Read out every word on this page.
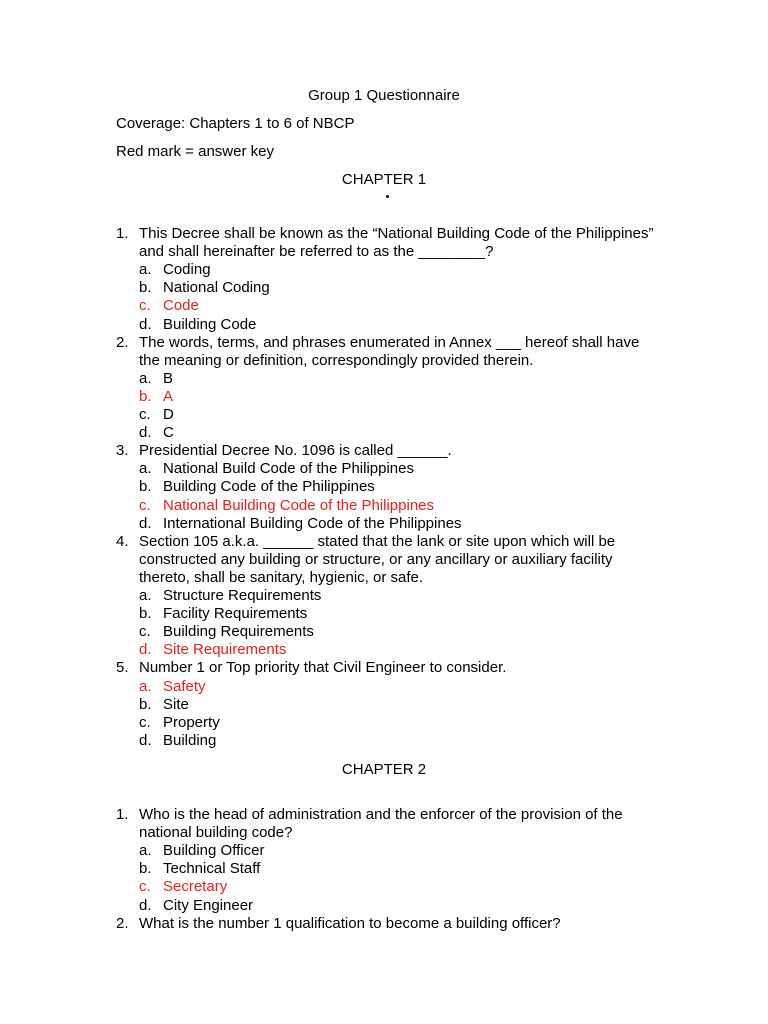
Group 1 Questionnaire
Coverage: Chapters 1 to 6 of NBCP
Red mark = answer key
CHAPTER 1
1. This Decree shall be known as the “National Building Code of the Philippines”
and shall hereinafter be referred to as the ________?
a. Coding
b. National Coding
c. Code
d. Building Code
2. The words, terms, and phrases enumerated in Annex ___ hereof shall have
the meaning or definition, correspondingly provided therein.
a. B
b. A
c. D
d. C
3. Presidential Decree No. 1096 is called ______.
a. National Build Code of the Philippines
b. Building Code of the Philippines
c. National Building Code of the Philippines
d. International Building Code of the Philippines
4. Section 105 a.k.a. ______ stated that the lank or site upon which will be
constructed any building or structure, or any ancillary or auxiliary facility
thereto, shall be sanitary, hygienic, or safe.
a. Structure Requirements
b. Facility Requirements
c. Building Requirements
d. Site Requirements
5. Number 1 or Top priority that Civil Engineer to consider.
a. Safety
b. Site
c. Property
d. Building
CHAPTER 2
1. Who is the head of administration and the enforcer of the provision of the
national building code?
a. Building Officer
b. Technical Staff
c. Secretary
d. City Engineer
2. What is the number 1 qualification to become a building officer?
